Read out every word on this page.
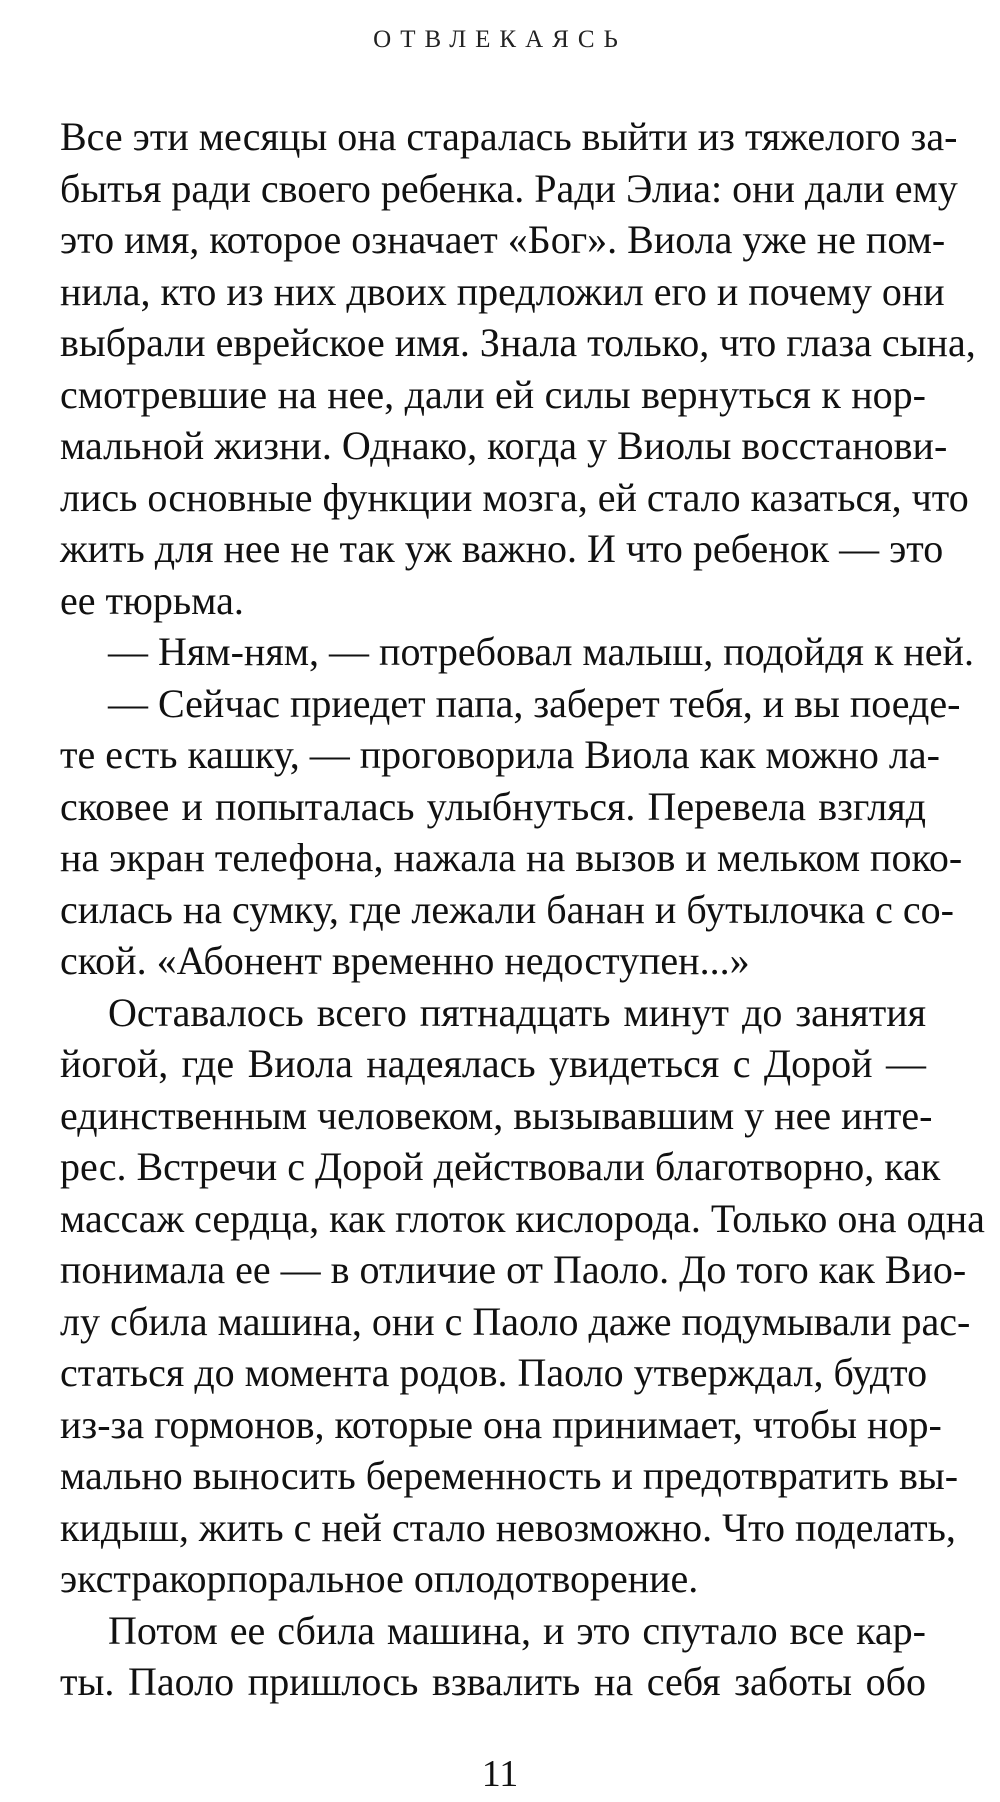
ОТВЛЕКАЯСЬ
Все эти месяцы она старалась выйти из тяжелого за-
бытья ради своего ребенка. Ради Элиа: они дали ему
это имя, которое означает «Бог». Виола уже не пом-
нила, кто из них двоих предложил его и почему они
выбрали еврейское имя. Знала только, что глаза сына,
смотревшие на нее, дали ей силы вернуться к нор-
мальной жизни. Однако, когда у Виолы восстанови-
лись основные функции мозга, ей стало казаться, что
жить для нее не так уж важно. И что ребенок — это
ее тюрьма.
— Ням-ням, — потребовал малыш, подойдя к ней.
— Сейчас приедет папа, заберет тебя, и вы поеде-
те есть кашку, — проговорила Виола как можно ла-
сковее и попыталась улыбнуться. Перевела взгляд
на экран телефона, нажала на вызов и мельком поко-
силась на сумку, где лежали банан и бутылочка с со-
ской. «Абонент временно недоступен...»
Оставалось всего пятнадцать минут до занятия
йогой, где Виола надеялась увидеться с Дорой —
единственным человеком, вызывавшим у нее инте-
рес. Встречи с Дорой действовали благотворно, как
массаж сердца, как глоток кислорода. Только она одна
понимала ее — в отличие от Паоло. До того как Вио-
лу сбила машина, они с Паоло даже подумывали рас-
статься до момента родов. Паоло утверждал, будто
из-за гормонов, которые она принимает, чтобы нор-
мально выносить беременность и предотвратить вы-
кидыш, жить с ней стало невозможно. Что поделать,
экстракорпоральное оплодотворение.
Потом ее сбила машина, и это спутало все кар-
ты. Паоло пришлось взвалить на себя заботы обо
11
